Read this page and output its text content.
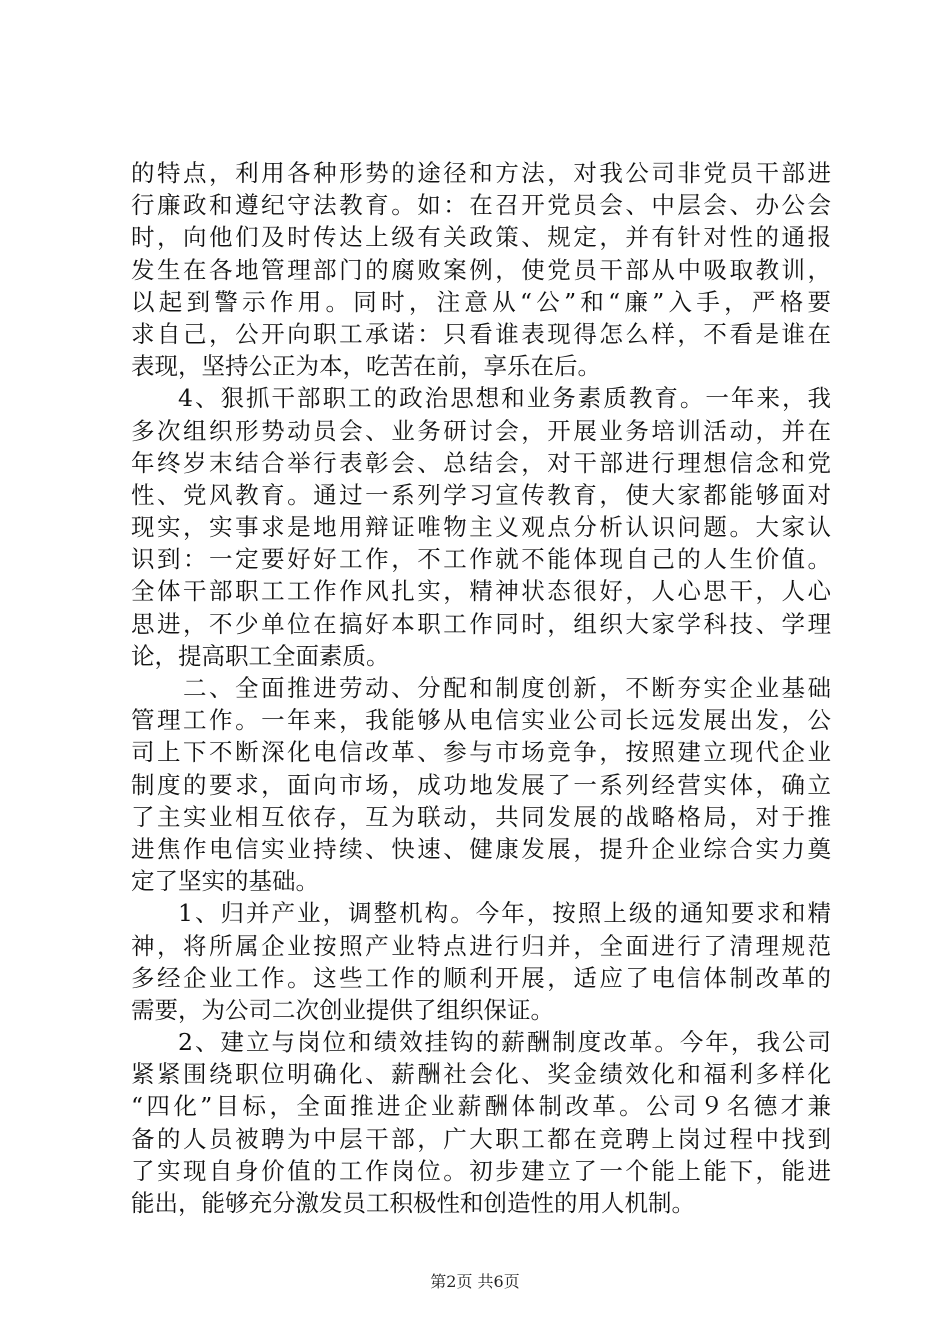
的特点，利用各种形势的途径和方法，对我公司非党员干部进
行廉政和遵纪守法教育。如：在召开党员会、中层会、办公会
时，向他们及时传达上级有关政策、规定，并有针对性的通报
发生在各地管理部门的腐败案例，使党员干部从中吸取教训，
以起到警示作用。同时，注意从“公”和“廉”入手，严格要
求自己，公开向职工承诺：只看谁表现得怎么样，不看是谁在
表现，坚持公正为本，吃苦在前，享乐在后。
4、狠抓干部职工的政治思想和业务素质教育。一年来，我
多次组织形势动员会、业务研讨会，开展业务培训活动，并在
年终岁末结合举行表彰会、总结会，对干部进行理想信念和党
性、党风教育。通过一系列学习宣传教育，使大家都能够面对
现实，实事求是地用辩证唯物主义观点分析认识问题。大家认
识到：一定要好好工作，不工作就不能体现自己的人生价值。
全体干部职工工作作风扎实，精神状态很好，人心思干，人心
思进，不少单位在搞好本职工作同时，组织大家学科技、学理
论，提高职工全面素质。
二、全面推进劳动、分配和制度创新，不断夯实企业基础
管理工作。一年来，我能够从电信实业公司长远发展出发，公
司上下不断深化电信改革、参与市场竞争，按照建立现代企业
制度的要求，面向市场，成功地发展了一系列经营实体，确立
了主实业相互依存，互为联动，共同发展的战略格局，对于推
进焦作电信实业持续、快速、健康发展，提升企业综合实力奠
定了坚实的基础。
1、归并产业，调整机构。今年，按照上级的通知要求和精
神，将所属企业按照产业特点进行归并，全面进行了清理规范
多经企业工作。这些工作的顺利开展，适应了电信体制改革的
需要，为公司二次创业提供了组织保证。
2、建立与岗位和绩效挂钩的薪酬制度改革。今年，我公司
紧紧围绕职位明确化、薪酬社会化、奖金绩效化和福利多样化
“四化”目标，全面推进企业薪酬体制改革。公司９名德才兼
备的人员被聘为中层干部，广大职工都在竞聘上岗过程中找到
了实现自身价值的工作岗位。初步建立了一个能上能下，能进
能出，能够充分激发员工积极性和创造性的用人机制。
第2页 共6页
